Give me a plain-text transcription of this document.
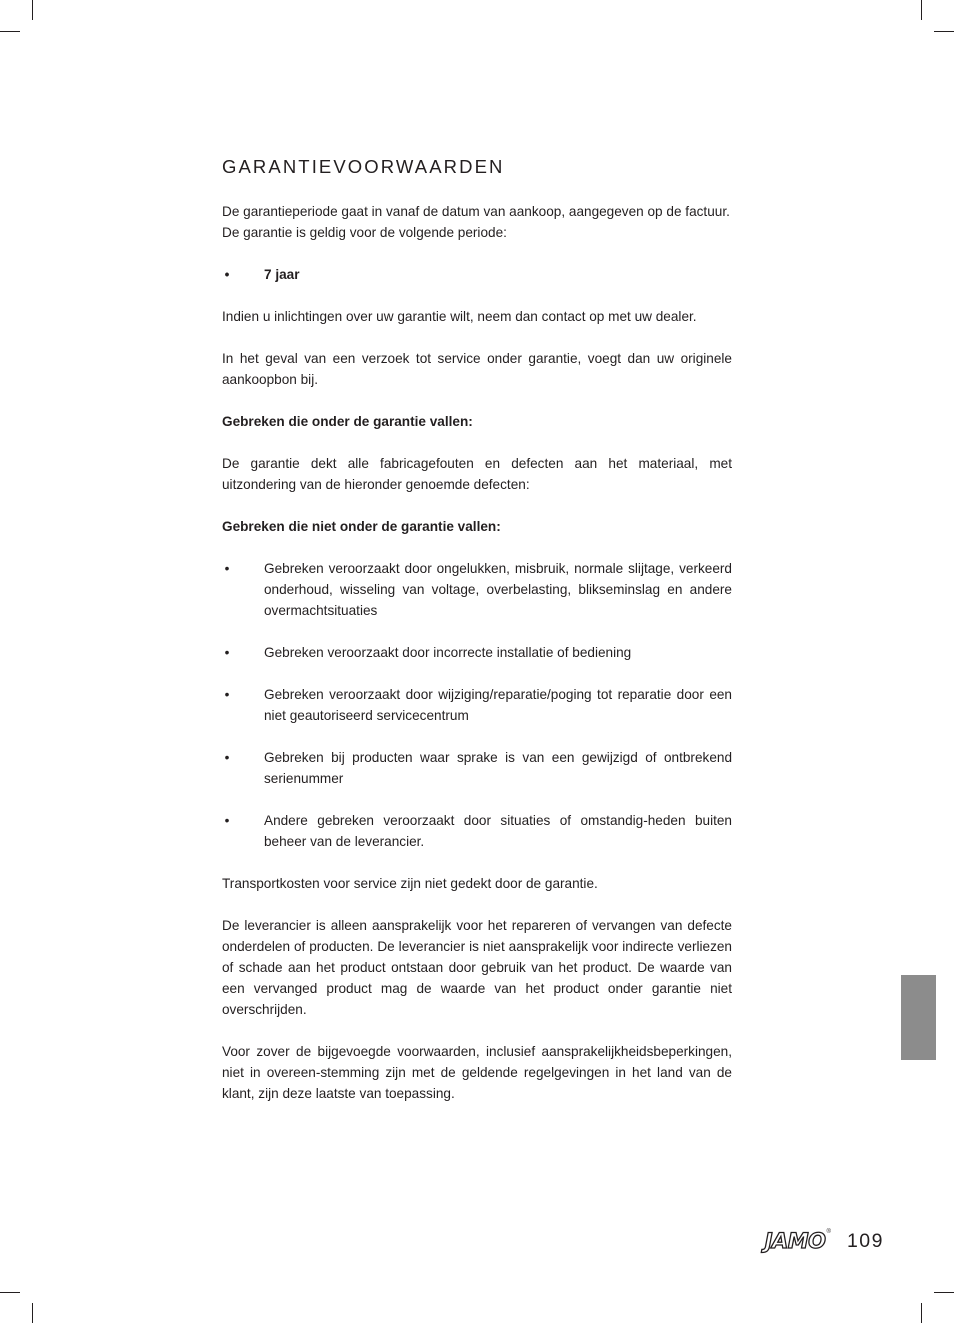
GARANTIEVOORWAARDEN

De garantieperiode gaat in vanaf de datum van aankoop, aangegeven op de factuur.

De garantie is geldig voor de volgende periode:

•	7 jaar

Indien u inlichtingen over uw garantie wilt, neem dan contact op met uw dealer.

In het geval van een verzoek tot service onder garantie, voegt dan uw originele aankoopbon bij.

Gebreken die onder de garantie vallen:

De garantie dekt alle fabricagefouten en defecten aan het materiaal, met uitzondering van de hieronder genoemde defecten:

Gebreken die niet onder de garantie vallen:

•	Gebreken veroorzaakt door ongelukken, misbruik, normale slijtage, verkeerd onderhoud, wisseling van voltage, overbelasting, blikseminslag en andere overmachtsituaties
•	Gebreken veroorzaakt door incorrecte installatie of bediening
•	Gebreken veroorzaakt door wijziging/reparatie/poging tot reparatie door een niet geautoriseerd servicecentrum
•	Gebreken bij producten waar sprake is van een gewijzigd of ontbrekend serienummer
•	Andere gebreken veroorzaakt door situaties of omstandig-heden buiten beheer van de leverancier.

Transportkosten voor service zijn niet gedekt door de garantie.

De leverancier is alleen aansprakelijk voor het repareren of vervangen van defecte onderdelen of producten. De leverancier is niet aansprakelijk voor indirecte verliezen of schade aan het product ontstaan door gebruik van het product. De waarde van een vervanged product mag de waarde van het product onder garantie niet overschrijden.

Voor zover de bijgevoegde voorwaarden, inclusief aansprakelijkheidsbeperkingen, niet in overeen-stemming zijn met de geldende regelgevingen in het land van de klant, zijn deze laatste van toepassing.

JAMO ® 109
